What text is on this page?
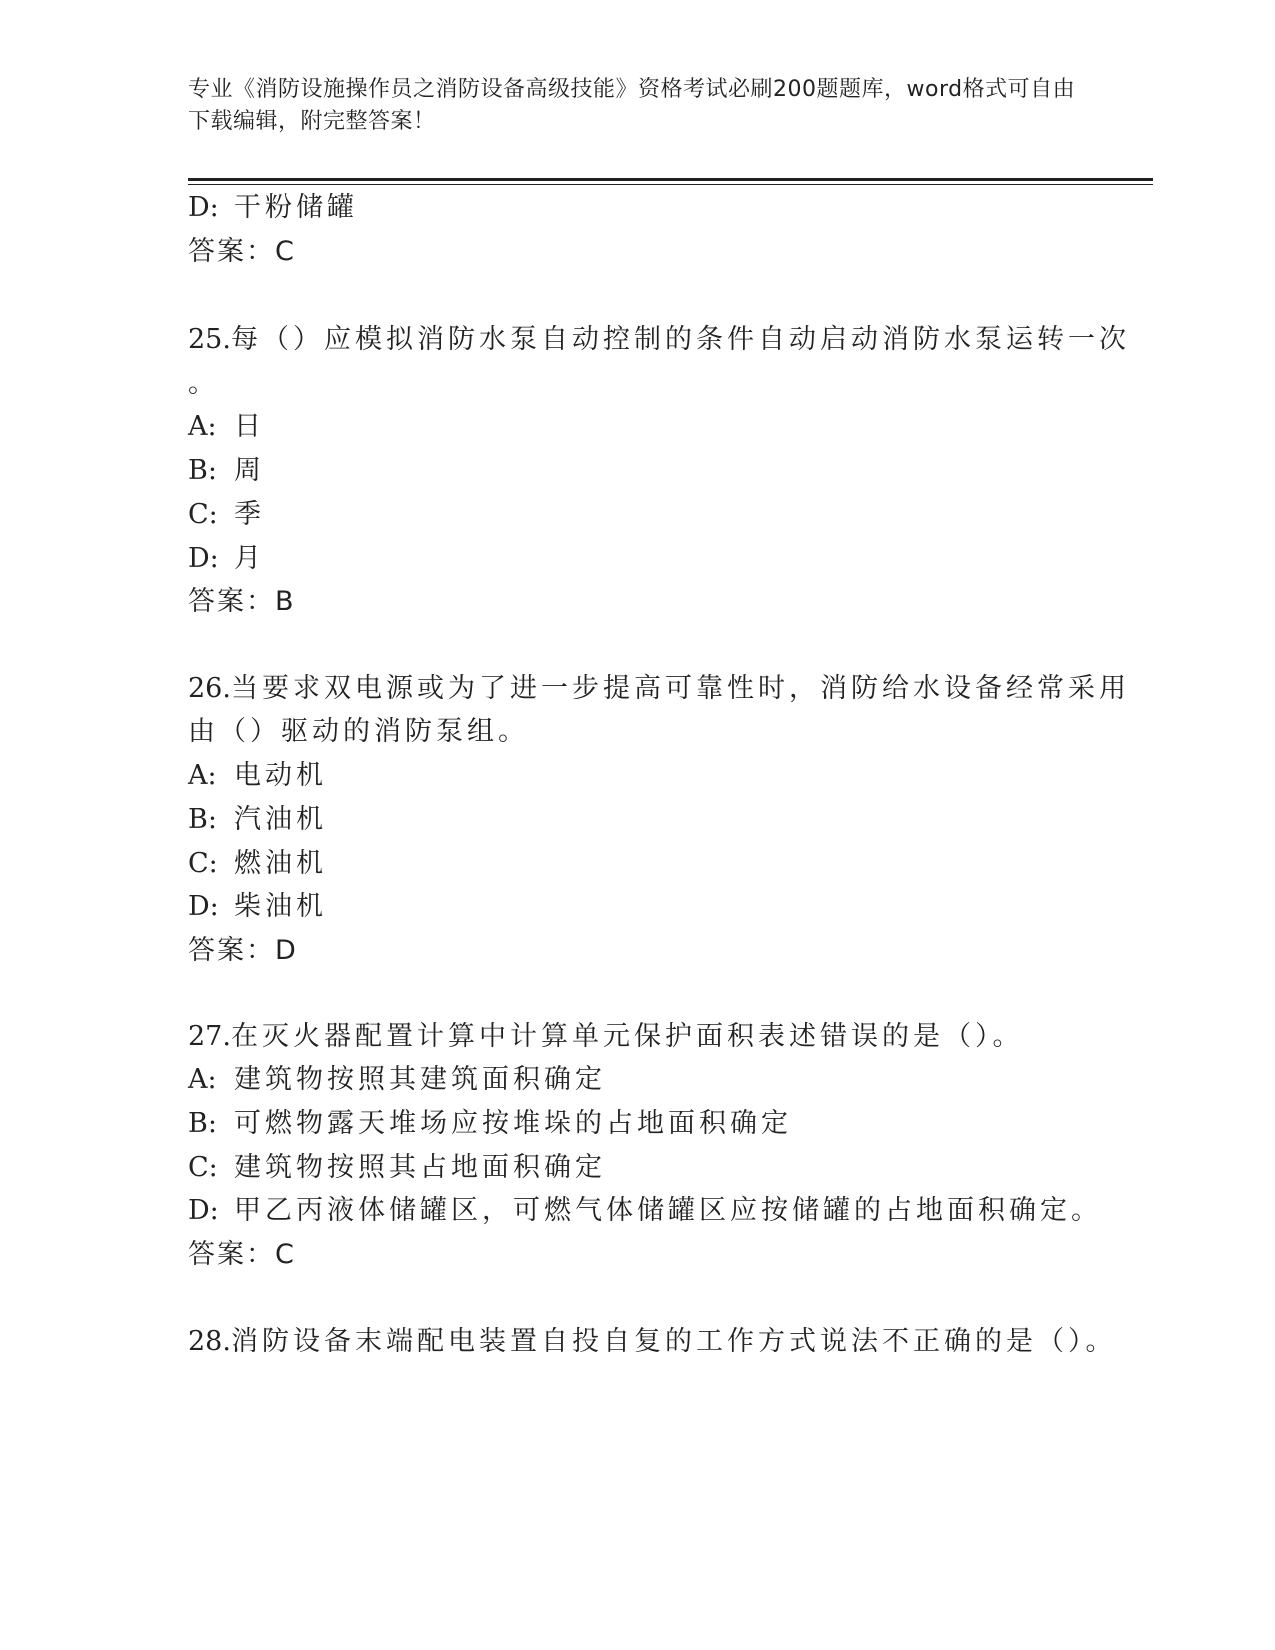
专业《消防设施操作员之消防设备高级技能》资格考试必刷200题题库，word格式可自由下载编辑，附完整答案！
D: 干粉储罐
答案：C
25.每（）应模拟消防水泵自动控制的条件自动启动消防水泵运转一次
。
A: 日
B: 周
C: 季
D: 月
答案：B
26.当要求双电源或为了进一步提高可靠性时，消防给水设备经常采用
由（）驱动的消防泵组。
A: 电动机
B: 汽油机
C: 燃油机
D: 柴油机
答案：D
27.在灭火器配置计算中计算单元保护面积表述错误的是（）。
A: 建筑物按照其建筑面积确定
B: 可燃物露天堆场应按堆垛的占地面积确定
C: 建筑物按照其占地面积确定
D: 甲乙丙液体储罐区，可燃气体储罐区应按储罐的占地面积确定。
答案：C
28.消防设备末端配电装置自投自复的工作方式说法不正确的是（）。
